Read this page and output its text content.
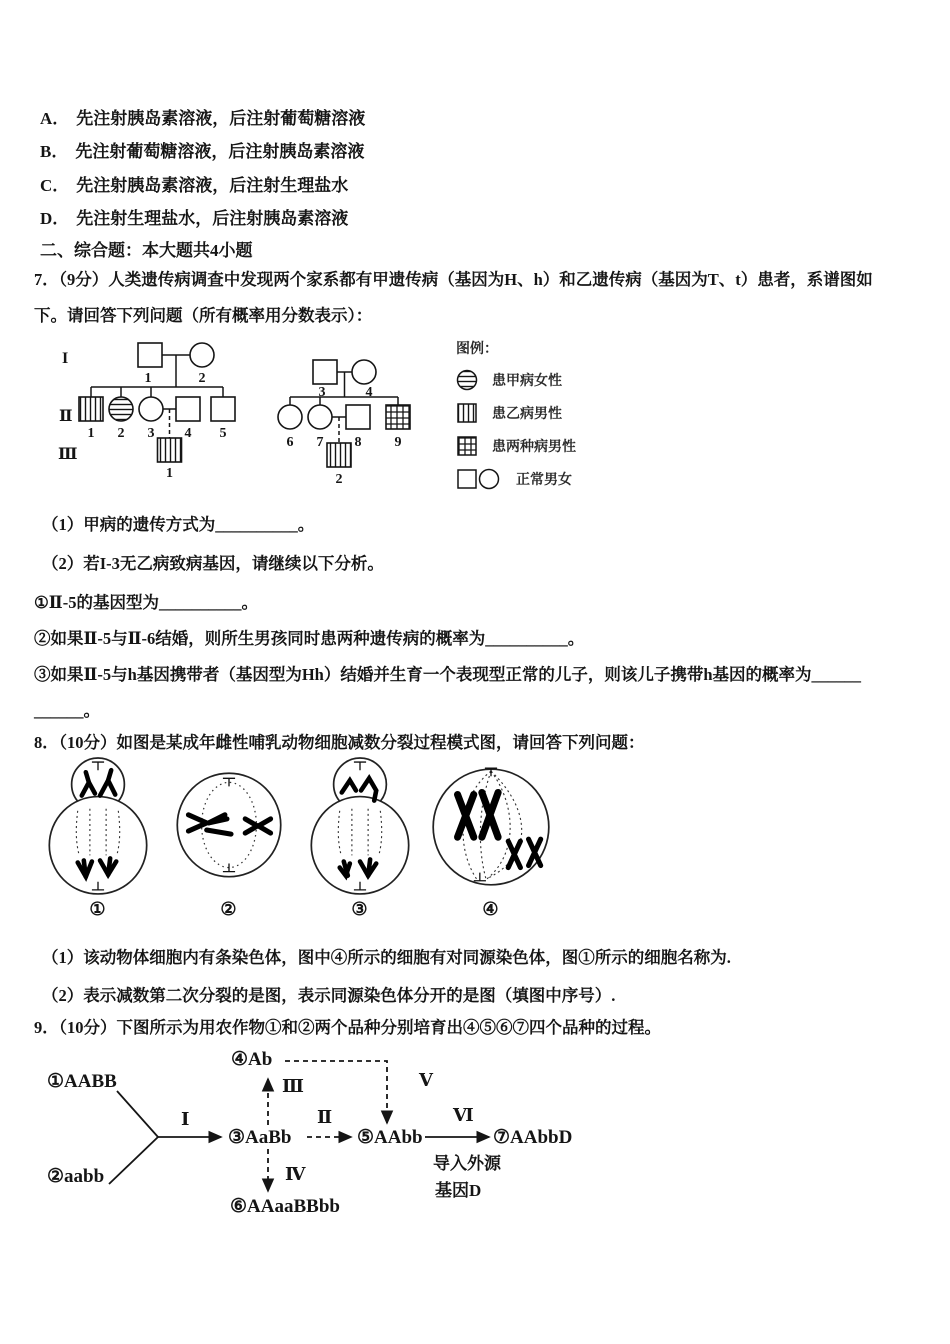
A． 先注射胰岛素溶液，后注射葡萄糖溶液
B． 先注射葡萄糖溶液，后注射胰岛素溶液
C． 先注射胰岛素溶液，后注射生理盐水
D． 先注射生理盐水，后注射胰岛素溶液
二、综合题：本大题共4小题
7．（9分）人类遗传病调查中发现两个家系都有甲遗传病（基因为H、h）和乙遗传病（基因为T、t）患者，系谱图如
下。请回答下列问题（所有概率用分数表示）：
I
Ⅱ
Ⅲ
1	2
1 2 3 4 5
1
3	4
6 7 8 9
2
图例：
患甲病女性
患乙病男性
患两种病男性
正常男女
（1）甲病的遗传方式为__________。
（2）若I-3无乙病致病基因，请继续以下分析。
①Ⅱ-5的基因型为__________。
②如果Ⅱ-5与Ⅱ-6结婚，则所生男孩同时患两种遗传病的概率为__________。
③如果Ⅱ-5与h基因携带者（基因型为Hh）结婚并生育一个表现型正常的儿子，则该儿子携带h基因的概率为______
______。
8．（10分）如图是某成年雌性哺乳动物细胞减数分裂过程模式图，请回答下列问题：
①	②	③	④
（1）该动物体细胞内有条染色体，图中④所示的细胞有对同源染色体，图①所示的细胞名称为.
（2）表示减数第二次分裂的是图，表示同源染色体分开的是图（填图中序号）.
9．（10分）下图所示为用农作物①和②两个品种分别培育出④⑤⑥⑦四个品种的过程。
①AABB
②aabb
③AaBb
④Ab
⑤AAbb
⑥AAaaBBbb
⑦AAbbD
Ⅰ	Ⅱ
Ⅲ
Ⅳ
Ⅴ
Ⅵ
导入外源
基因D
